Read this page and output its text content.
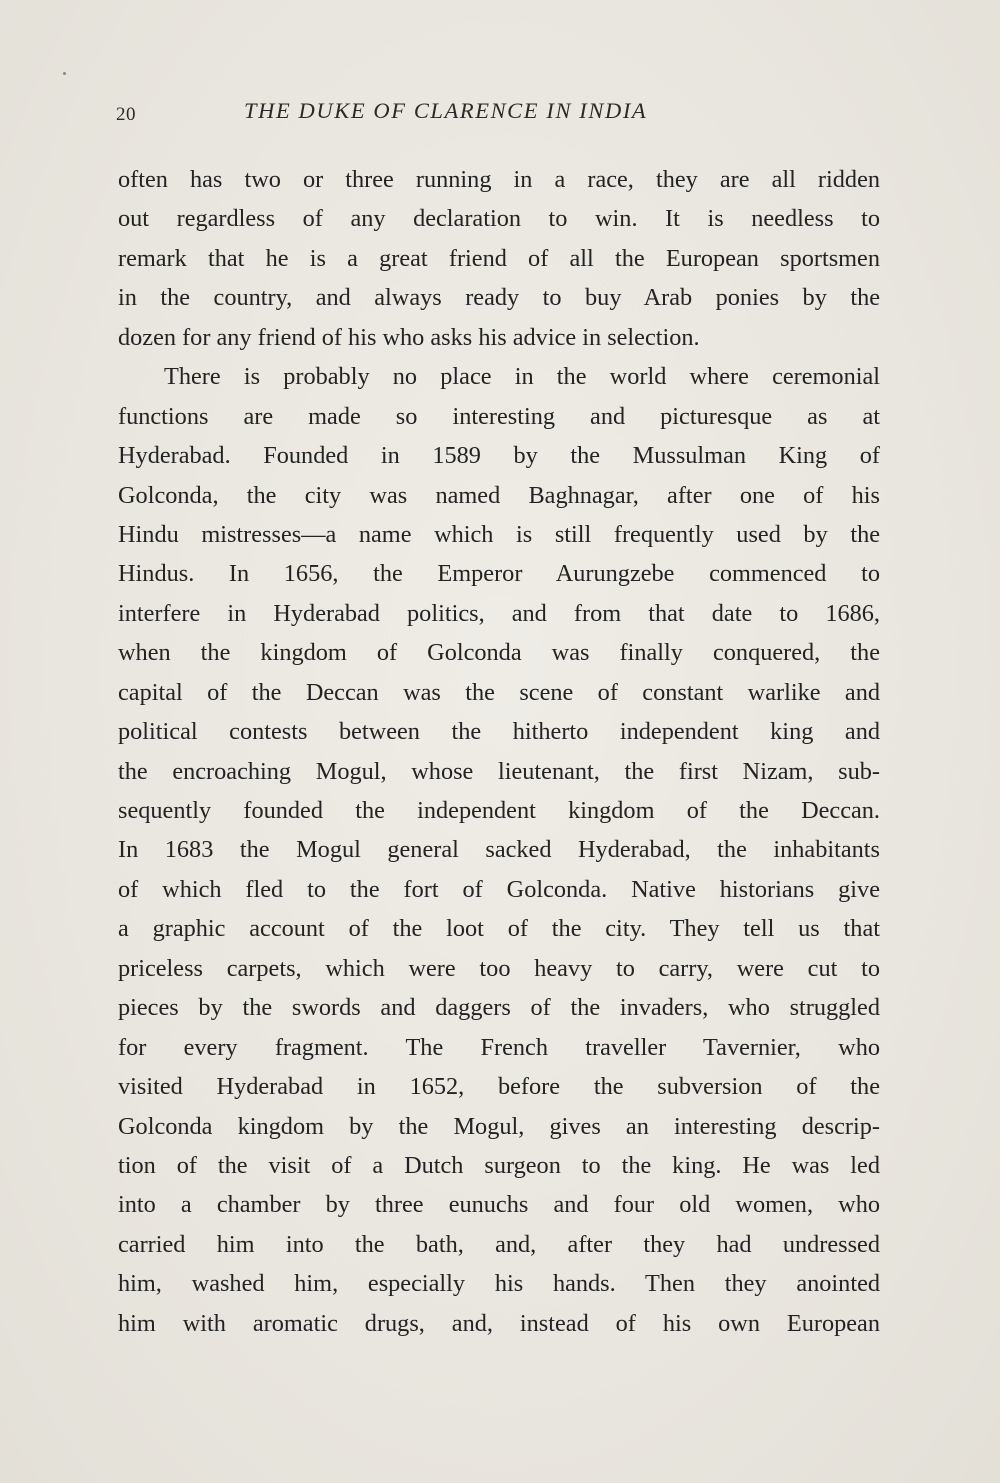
20	THE DUKE OF CLARENCE IN INDIA
often has two or three running in a race, they are all ridden
out regardless of any declaration to win. It is needless to
remark that he is a great friend of all the European sportsmen
in the country, and always ready to buy Arab ponies by the
dozen for any friend of his who asks his advice in selection.
There is probably no place in the world where ceremonial
functions are made so interesting and picturesque as at
Hyderabad. Founded in 1589 by the Mussulman King of
Golconda, the city was named Baghnagar, after one of his
Hindu mistresses—a name which is still frequently used by the
Hindus. In 1656, the Emperor Aurungzebe commenced to
interfere in Hyderabad politics, and from that date to 1686,
when the kingdom of Golconda was finally conquered, the
capital of the Deccan was the scene of constant warlike and
political contests between the hitherto independent king and
the encroaching Mogul, whose lieutenant, the first Nizam, sub-
sequently founded the independent kingdom of the Deccan.
In 1683 the Mogul general sacked Hyderabad, the inhabitants
of which fled to the fort of Golconda. Native historians give
a graphic account of the loot of the city. They tell us that
priceless carpets, which were too heavy to carry, were cut to
pieces by the swords and daggers of the invaders, who struggled
for every fragment. The French traveller Tavernier, who
visited Hyderabad in 1652, before the subversion of the
Golconda kingdom by the Mogul, gives an interesting descrip-
tion of the visit of a Dutch surgeon to the king. He was led
into a chamber by three eunuchs and four old women, who
carried him into the bath, and, after they had undressed
him, washed him, especially his hands. Then they anointed
him with aromatic drugs, and, instead of his own European
